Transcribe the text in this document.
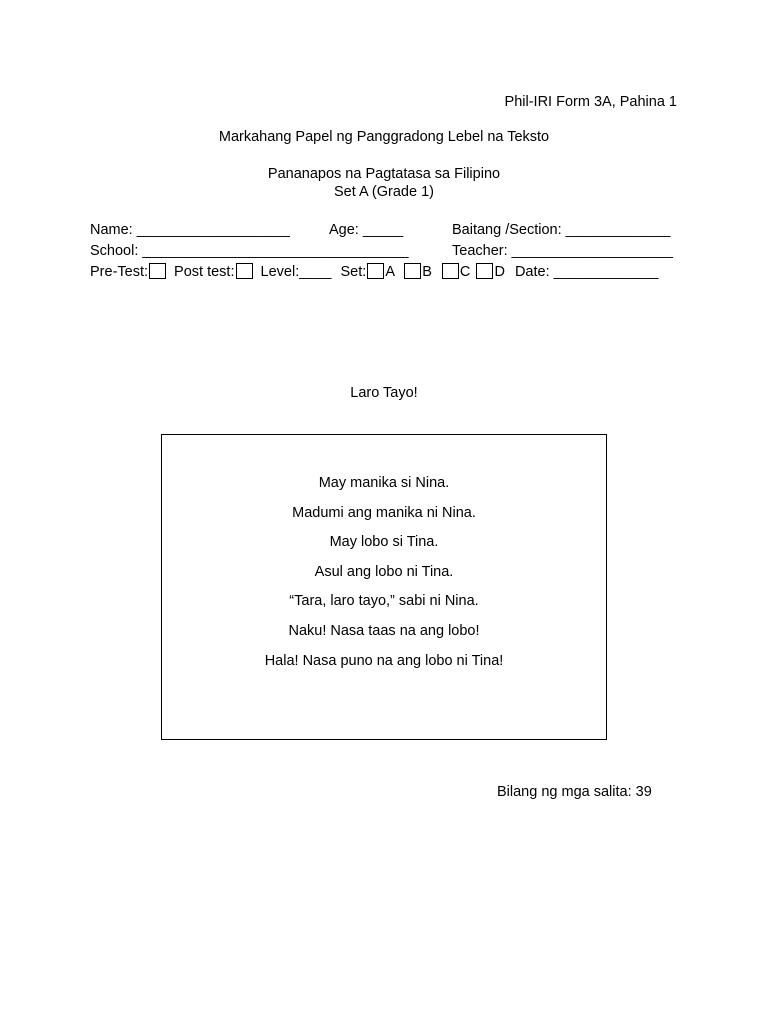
Phil-IRI Form 3A, Pahina 1
Markahang Papel ng Panggradong Lebel na Teksto
Pananapos na Pagtatasa sa Filipino
Set A (Grade 1)
Name: ___________________	Age: _____	Baitang /Section: _____________
School: _________________________________	Teacher: ____________________
Pre-Test: Post test: Level:____ Set: A B C D Date: _____________
Laro Tayo!
May manika si Nina.
Madumi ang manika ni Nina.
May lobo si Tina.
Asul ang lobo ni Tina.
“Tara, laro tayo,” sabi ni Nina.
Naku! Nasa taas na ang lobo!
Hala! Nasa puno na ang lobo ni Tina!
Bilang ng mga salita: 39
